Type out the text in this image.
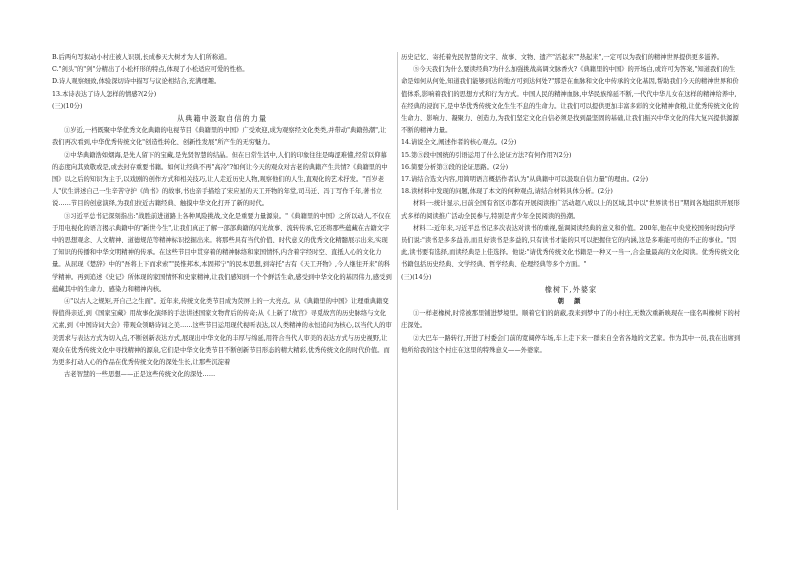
B.后两句写拟动小村庄被人识别,长成参天大树才为人们所称道。

C."剑头"的"剑"分精出了小松杆形的特点,体现了小松适应可爱的性格。

D.诗人观察细致,体验深切诗中描写与议论相结合,充满理趣。

13.本诗表达了诗人怎样的情感?(2分)

(三)(10分)

从典籍中汲取自信的力量

①岁近,一档既聚中华优秀文化典籍的电视节目《典籍里的中国》广受欢迎,成为观察经文化类类,并带动"典籍热潮",让我们再次看到,中华优秀传统文化"创造性转化、创新性发展"所产生的无穷魅力。

②中华典籍浩如烟海,是先人留下的宝藏,是先贤智慧的结晶。但在日常生活中,人们的印象往往是晦涩难懂,经常以仰慕的态度向其致敬或是,或去封存重要书籍。如何让经典不再"高冷"?如何让今天的观众对古老的典籍产生共情?《典籍里的中国》以之后的知识为主于,以戏剧的创作方式和相关技巧,让人走近历史人物,观察他们的人生,直观化的艺术抒发。"百岁老人"伏生讲述自己一生辛苦守护《尚书》的故事,书也亲手描绘了宋应星的天工开物的年堂,司马迁、冯丁写作千年,著书立说……节目的创意演绎,为我们拉近古籍经典、触摸中华文化打开了新的时代。

③习近平总书记深刻指出:"战胜前进道路上各种风险挑战,文化是重要力量源泉。"《典籍里的中国》之所以动人,不仅在于用电视化的语言揭示典籍中的"新世今生",让我们真正了解一部部典籍的闪光故事、流转传承,它还将那些蕴藏在古籍文字中的思想观念、人文精神、道德规范等精神标识挖掘出来。将那些具有当代价值、时代意义的优秀文化精髓展示出来,实现了知识的传播和中华文明精神的传承。在这些节目中贯穿着的精神脉络和家国情怀,内含着字经时空、直抵人心的文化力量。从屈现《楚辞》中的"吾将上下而求索""民惟邦本,本固邦宁"的民本思想,到寄托"古有《天工开物》,今人继往开来"的科学精神。再到追述《史记》所体现的家国情怀和史家精神,让我们感知到一个个鲜活生命,感受到中华文化的基因伟力,感受到蕴藏其中的生命力、感染力和精神内核。

④"以古人之规矩,开自己之生面"。近年来,传统文化类节目成为荧屏上的一大亮点。从《典籍里的中国》让理重典籍变得值得亲近,到《国家宝藏》用故事化演绎的手法讲述国家文物背后的传奇;从《上新了!故宫》寻觅故宫的历史脉络与文化元素,到《中国诗词大会》带观众领略诗词之美……这些节目运用现代视听表达,以人类精神的永恒追问为核心,以当代人的审美需求与表达方式为切入点,不断创新表达方式,展现出中华文化的丰厚与绵延,用符合当代人审美的表达方式与历史视野,让观众在优秀传统文化中寻找精神的源泉,它们是中华文化类节目不断创新节目形态的精大精彩,优秀传统文化的时代价值。而为更多打动人心的作品在优秀传统文化的深处生长,让那些沉淀着

古老智慧的一些思想——正是这些传统文化的深处……

历史记忆、寄托着先民智慧的文字、故事、文物、遗产"活起来""热起来",一定可以为我们的精神世界提供更多滋养。

⑤今天我们为什么要读经典?为什么加强挑战高调文脉香火?《典籍里的中国》的开场白,或许可为答案,"知道我们的生命是如何从何处,知道我们能够到达的地方可到达何处?"那是在血脉和文化中传承的文化基因,帮助我们今天的精神世界和价值体系,影响着我们的思想方式和行为方式。中国人民的精神血脉,中华民族绵延不断,一代代中华儿女在这样的精神给养中,在经典的浸润下,是中华优秀传统文化生生不息的生命力。让我们可以提供更加丰富多彩的文化精神食粮,让优秀传统文化的生命力、影响力、凝聚力、创造力,为我们坚定文化自信必须是找到最坚固的基础,让我们振兴中华文化的伟大复兴提供源源不断的精神力量。

14.请说全文,阐述作者的核心观点。(2分)

15.第⑤段中国统的引语运用了什么论证方法?有何作用?(2分)

16.简要分析第③段的论证思路。(2分)

17.请结合选文内容,用简明语言概括作者认为"从典籍中可以汲取自信力量"的理由。(2分)

18.读材料中发现的问题,体现了本文的何种观点,请结合材料具体分析。(2分)

材料一:统计显示,日前全国有省区市都有开展阅读推广活动超八成以上的区域,其中以"世界读书日"期间各地组织开展形式多样的阅读推广活动全民参与,特别是青少年全民阅读的热潮。

材料二:近年来,习近平总书记多次表达对读书的重视,强调阅读经典的意义和价值。200年,他在中央党校国务时段向学员们说:"读书是多多益善,而且好读书是多益的,只有读书才能的只可以把握住它的内涵,这是多难能可贵的不正的事业。"因此,读书要有选择,而读经典是上佳选择。他说:"请优秀传统文化书籍是一种又一当一,合金量最高的文化阅读。优秀传统文化书籍包括历史经典、文学经典、哲学经典、伦理经典等多个方面。"

(三)(14分)

橡树下,外婆家

朝 颜

①一样老橡树,时常被那里铺进梦境里。顺着它们的荫蔽,我来到梦中了的小村庄,无数次重新映现在一座名叫橡树下的村庄深处。

②大巴车一路转行,开进了村委会门前的宽阔停车场,车上走下来一群来自全省各地的文艺家。作为其中一员,我在出席到他所给我的这个村庄在这里的特殊意义——外婆家。
